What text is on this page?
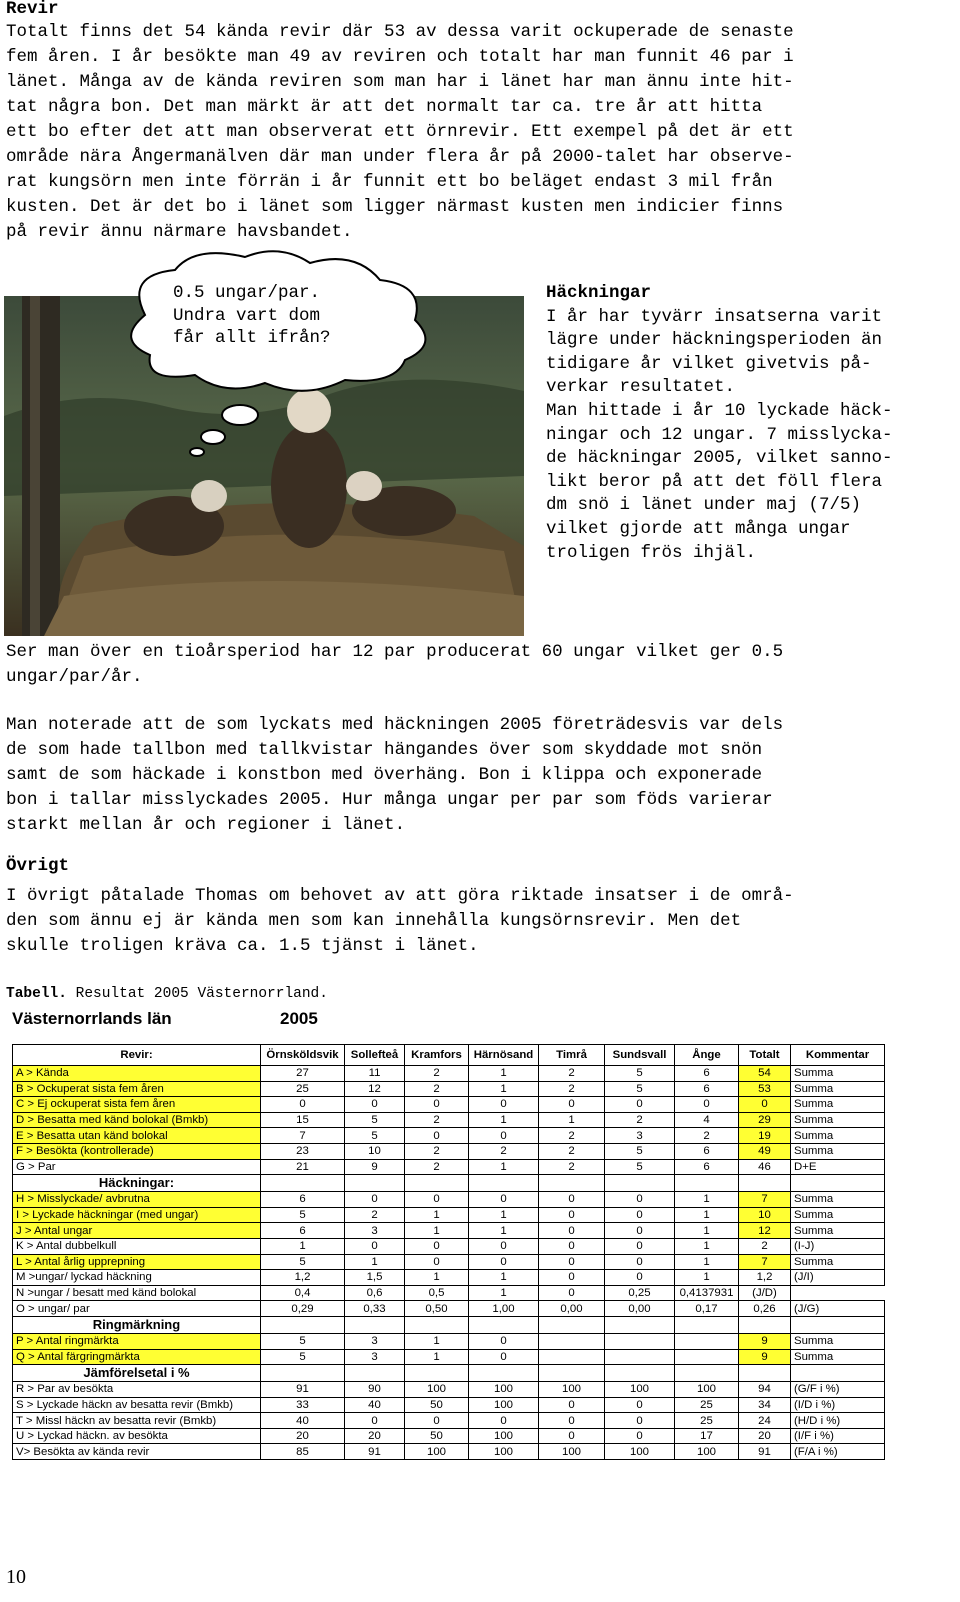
Revir
Totalt finns det 54 kända revir där 53 av dessa varit ockuperade de senaste
fem åren. I år besökte man 49 av reviren och totalt har man funnit 46 par i
länet. Många av de kända reviren som man har i länet har man ännu inte hit-
tat några bon. Det man märkt är att det normalt tar ca. tre år att hitta
ett bo efter det att man observerat ett örnrevir. Ett exempel på det är ett
område nära Ångermanälven där man under flera år på 2000-talet har observe-
rat kungsörn men inte förrän i år funnit ett bo beläget endast 3 mil från
kusten. Det är det bo i länet som ligger närmast kusten men indicier finns
på revir ännu närmare havsbandet.
0.5 ungar/par.
Undra vart dom
får allt ifrån?
Häckningar
I år har tyvärr insatserna varit
lägre under häckningsperioden än
tidigare år vilket givetvis på-
verkar resultatet.
Man hittade i år 10 lyckade häck-
ningar och 12 ungar. 7 misslycka-
de häckningar 2005, vilket sanno-
likt beror på att det föll flera
dm snö i länet under maj (7/5)
vilket gjorde att många ungar
troligen frös ihjäl.
Ser man över en tioårsperiod har 12 par producerat 60 ungar vilket ger 0.5
ungar/par/år.
Man noterade att de som lyckats med häckningen 2005 företrädesvis var dels
de som hade tallbon med tallkvistar hängandes över som skyddade mot snön
samt de som häckade i konstbon med överhäng. Bon i klippa och exponerade
bon i tallar misslyckades 2005. Hur många ungar per par som föds varierar
starkt mellan år och regioner i länet.
Övrigt
I övrigt påtalade Thomas om behovet av att göra riktade insatser i de områ-
den som ännu ej är kända men som kan innehålla kungsörnsrevir. Men det
skulle troligen kräva ca. 1.5 tjänst i länet.
Tabell. Resultat 2005 Västernorrland.
Västernorrlands län	2005
Revir:	Örnsköldsvik	Sollefteå	Kramfors	Härnösand	Timrå	Sundsvall	Ånge	Totalt	Kommentar
A > Kända	27	11	2	1	2	5	6	54	Summa
B > Ockuperat sista fem åren	25	12	2	1	2	5	6	53	Summa
C > Ej ockuperat sista fem åren	0	0	0	0	0	0	0	0	Summa
D > Besatta med känd bolokal (Bmkb)	15	5	2	1	1	2	4	29	Summa
E > Besatta utan känd bolokal	7	5	0	0	2	3	2	19	Summa
F > Besökta (kontrollerade)	23	10	2	2	2	5	6	49	Summa
G > Par	21	9	2	1	2	5	6	46	D+E
Häckningar:									
H > Misslyckade/ avbrutna	6	0	0	0	0	0	1	7	Summa
I > Lyckade häckningar (med ungar)	5	2	1	1	0	0	1	10	Summa
J > Antal ungar	6	3	1	1	0	0	1	12	Summa
K > Antal dubbelkull	1	0	0	0	0	0	1	2	(I-J)
L > Antal årlig upprepning	5	1	0	0	0	0	1	7	Summa
M >ungar/ lyckad häckning	1,2	1,5	1	1	0	0	1	1,2	(J/I)
N >ungar / besatt med känd bolokal	0,4	0,6	0,5	1	0	0,25	0,4137931	(J/D)	
O > ungar/ par	0,29	0,33	0,50	1,00	0,00	0,00	0,17	0,26	(J/G)
Ringmärkning									
P > Antal ringmärkta	5	3	1	0				9	Summa
Q > Antal färgringmärkta	5	3	1	0				9	Summa
Jämförelsetal i %									
R > Par av besökta	91	90	100	100	100	100	100	94	(G/F i %)
S > Lyckade häckn av besatta revir (Bmkb)	33	40	50	100	0	0	25	34	(I/D i %)
T > Missl häckn av besatta revir (Bmkb)	40	0	0	0	0	0	25	24	(H/D i %)
U > Lyckad häckn. av besökta	20	20	50	100	0	0	17	20	(I/F i %)
V> Besökta av kända revir	85	91	100	100	100	100	100	91	(F/A i %)
10
